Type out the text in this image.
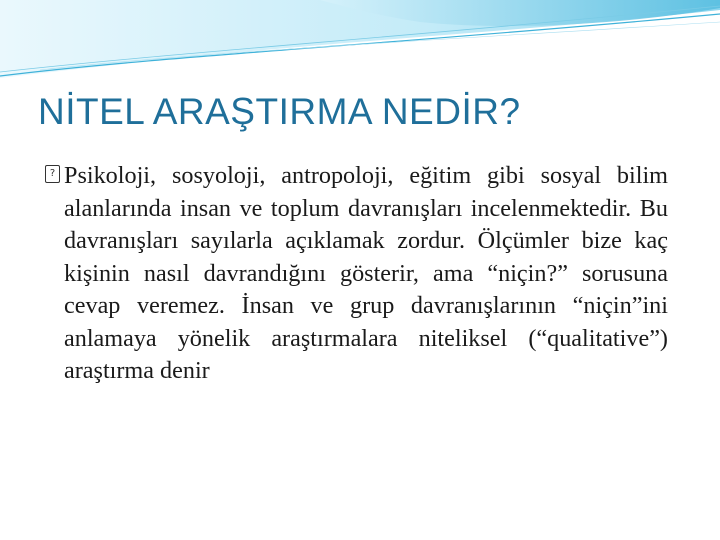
NİTEL ARAŞTIRMA NEDİR?
? Psikoloji, sosyoloji, antropoloji, eğitim gibi sosyal bilim alanlarında insan ve toplum davranışları incelenmektedir. Bu davranışları sayılarla açıklamak zordur. Ölçümler bize kaç kişinin nasıl davrandığını gösterir, ama “niçin?” sorusuna cevap veremez. İnsan ve grup davranışlarının “niçin”ini anlamaya yönelik araştırmalara niteliksel (“qualitative”) araştırma denir
